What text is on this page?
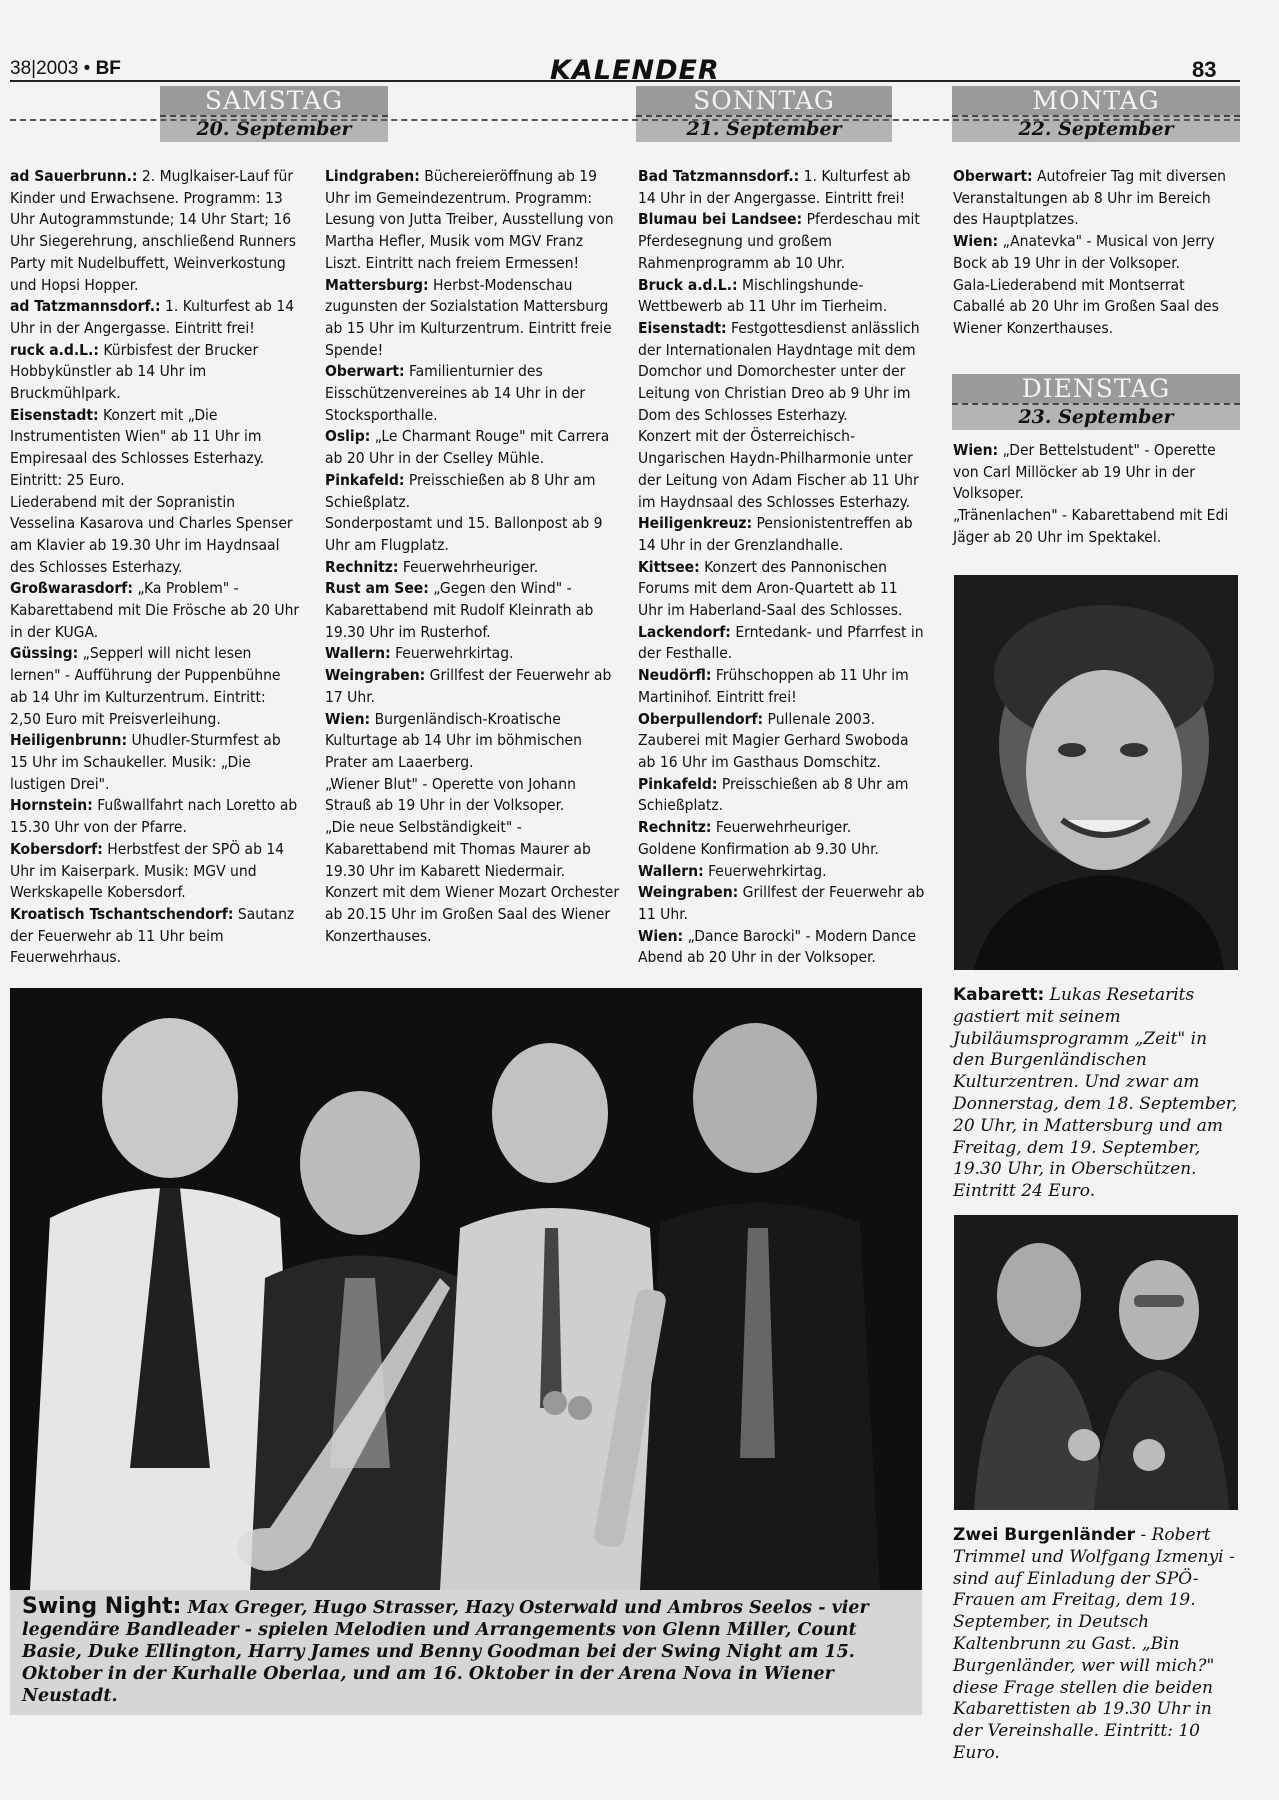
38|2003 • BF	KALENDER	83
SAMSTAG
20. September
SONNTAG
21. September
MONTAG
22. September

ad Sauerbrunn.: 2. Muglkaiser-Lauf für Kinder und Erwachsene. Programm: 13 Uhr Autogrammstunde; 14 Uhr Start; 16 Uhr Siegerehrung, anschließend Runners Party mit Nudelbuffett, Weinverkostung und Hopsi Hopper.

ad Tatzmannsdorf.: 1. Kulturfest ab 14 Uhr in der Angergasse. Eintritt frei!

ruck a.d.L.: Kürbisfest der Brucker Hobbykünstler ab 14 Uhr im Bruckmühlpark.

Eisenstadt: Konzert mit „Die Instrumentisten Wien" ab 11 Uhr im Empiresaal des Schlosses Esterhazy. Eintritt: 25 Euro.

Liederabend mit der Sopranistin Vesselina Kasarova und Charles Spenser am Klavier ab 19.30 Uhr im Haydnsaal des Schlosses Esterhazy.

Großwarasdorf: „Ka Problem" - Kabarettabend mit Die Frösche ab 20 Uhr in der KUGA.

Güssing: „Sepperl will nicht lesen lernen" - Aufführung der Puppenbühne ab 14 Uhr im Kulturzentrum. Eintritt: 2,50 Euro mit Preisverleihung.

Heiligenbrunn: Uhudler-Sturmfest ab 15 Uhr im Schaukeller. Musik: „Die lustigen Drei".

Hornstein: Fußwallfahrt nach Loretto ab 15.30 Uhr von der Pfarre.

Kobersdorf: Herbstfest der SPÖ ab 14 Uhr im Kaiserpark. Musik: MGV und Werkskapelle Kobersdorf.

Kroatisch Tschantschendorf: Sautanz der Feuerwehr ab 11 Uhr beim Feuerwehrhaus.

Lindgraben: Büchereieröffnung ab 19 Uhr im Gemeindezentrum. Programm: Lesung von Jutta Treiber, Ausstellung von Martha Hefler, Musik vom MGV Franz Liszt. Eintritt nach freiem Ermessen!

Mattersburg: Herbst-Modenschau zugunsten der Sozialstation Mattersburg ab 15 Uhr im Kulturzentrum. Eintritt freie Spende!

Oberwart: Familienturnier des Eisschützenvereines ab 14 Uhr in der Stocksporthalle.

Oslip: „Le Charmant Rouge" mit Carrera ab 20 Uhr in der Cselley Mühle.

Pinkafeld: Preisschießen ab 8 Uhr am Schießplatz.

Sonderpostamt und 15. Ballonpost ab 9 Uhr am Flugplatz.

Rechnitz: Feuerwehrheuriger.

Rust am See: „Gegen den Wind" - Kabarettabend mit Rudolf Kleinrath ab 19.30 Uhr im Rusterhof.

Wallern: Feuerwehrkirtag.

Weingraben: Grillfest der Feuerwehr ab 17 Uhr.

Wien: Burgenländisch-Kroatische Kulturtage ab 14 Uhr im böhmischen Prater am Laaerberg.

„Wiener Blut" - Operette von Johann Strauß ab 19 Uhr in der Volksoper.

„Die neue Selbständigkeit" - Kabarettabend mit Thomas Maurer ab 19.30 Uhr im Kabarett Niedermair.

Konzert mit dem Wiener Mozart Orchester ab 20.15 Uhr im Großen Saal des Wiener Konzerthauses.

Bad Tatzmannsdorf.: 1. Kulturfest ab 14 Uhr in der Angergasse. Eintritt frei!

Blumau bei Landsee: Pferdeschau mit Pferdesegnung und großem Rahmenprogramm ab 10 Uhr.

Bruck a.d.L.: Mischlingshunde-Wettbewerb ab 11 Uhr im Tierheim.

Eisenstadt: Festgottesdienst anlässlich der Internationalen Haydntage mit dem Domchor und Domorchester unter der Leitung von Christian Dreo ab 9 Uhr im Dom des Schlosses Esterhazy.

Konzert mit der Österreichisch-Ungarischen Haydn-Philharmonie unter der Leitung von Adam Fischer ab 11 Uhr im Haydnsaal des Schlosses Esterhazy.

Heiligenkreuz: Pensionistentreffen ab 14 Uhr in der Grenzlandhalle.

Kittsee: Konzert des Pannonischen Forums mit dem Aron-Quartett ab 11 Uhr im Haberland-Saal des Schlosses.

Lackendorf: Erntedank- und Pfarrfest in der Festhalle.

Neudörfl: Frühschoppen ab 11 Uhr im Martinihof. Eintritt frei!

Oberpullendorf: Pullenale 2003. Zauberei mit Magier Gerhard Swoboda ab 16 Uhr im Gasthaus Domschitz.

Pinkafeld: Preisschießen ab 8 Uhr am Schießplatz.

Rechnitz: Feuerwehrheuriger.

Goldene Konfirmation ab 9.30 Uhr.

Wallern: Feuerwehrkirtag.

Weingraben: Grillfest der Feuerwehr ab 11 Uhr.

Wien: „Dance Barocki" - Modern Dance Abend ab 20 Uhr in der Volksoper.

Oberwart: Autofreier Tag mit diversen Veranstaltungen ab 8 Uhr im Bereich des Hauptplatzes.

Wien: „Anatevka" - Musical von Jerry Bock ab 19 Uhr in der Volksoper.

Gala-Liederabend mit Montserrat Caballé ab 20 Uhr im Großen Saal des Wiener Konzerthauses.

DIENSTAG
23. September

Wien: „Der Bettelstudent" - Operette von Carl Millöcker ab 19 Uhr in der Volksoper.

„Tränenlachen" - Kabarettabend mit Edi Jäger ab 20 Uhr im Spektakel.

Kabarett: Lukas Resetarits gastiert mit seinem Jubiläumsprogramm „Zeit" in den Burgenländischen Kulturzentren. Und zwar am Donnerstag, dem 18. September, 20 Uhr, in Mattersburg und am Freitag, dem 19. September, 19.30 Uhr, in Oberschützen. Eintritt 24 Euro.
Zwei Burgenländer - Robert Trimmel und Wolfgang Izmenyi - sind auf Einladung der SPÖ-Frauen am Freitag, dem 19. September, in Deutsch Kaltenbrunn zu Gast. „Bin Burgenländer, wer will mich?" diese Frage stellen die beiden Kabarettisten ab 19.30 Uhr in der Vereinshalle. Eintritt: 10 Euro.
Swing Night: Max Greger, Hugo Strasser, Hazy Osterwald und Ambros Seelos - vier legendäre Bandleader - spielen Melodien und Arrangements von Glenn Miller, Count Basie, Duke Ellington, Harry James und Benny Goodman bei der Swing Night am 15. Oktober in der Kurhalle Oberlaa, und am 16. Oktober in der Arena Nova in Wiener Neustadt.
